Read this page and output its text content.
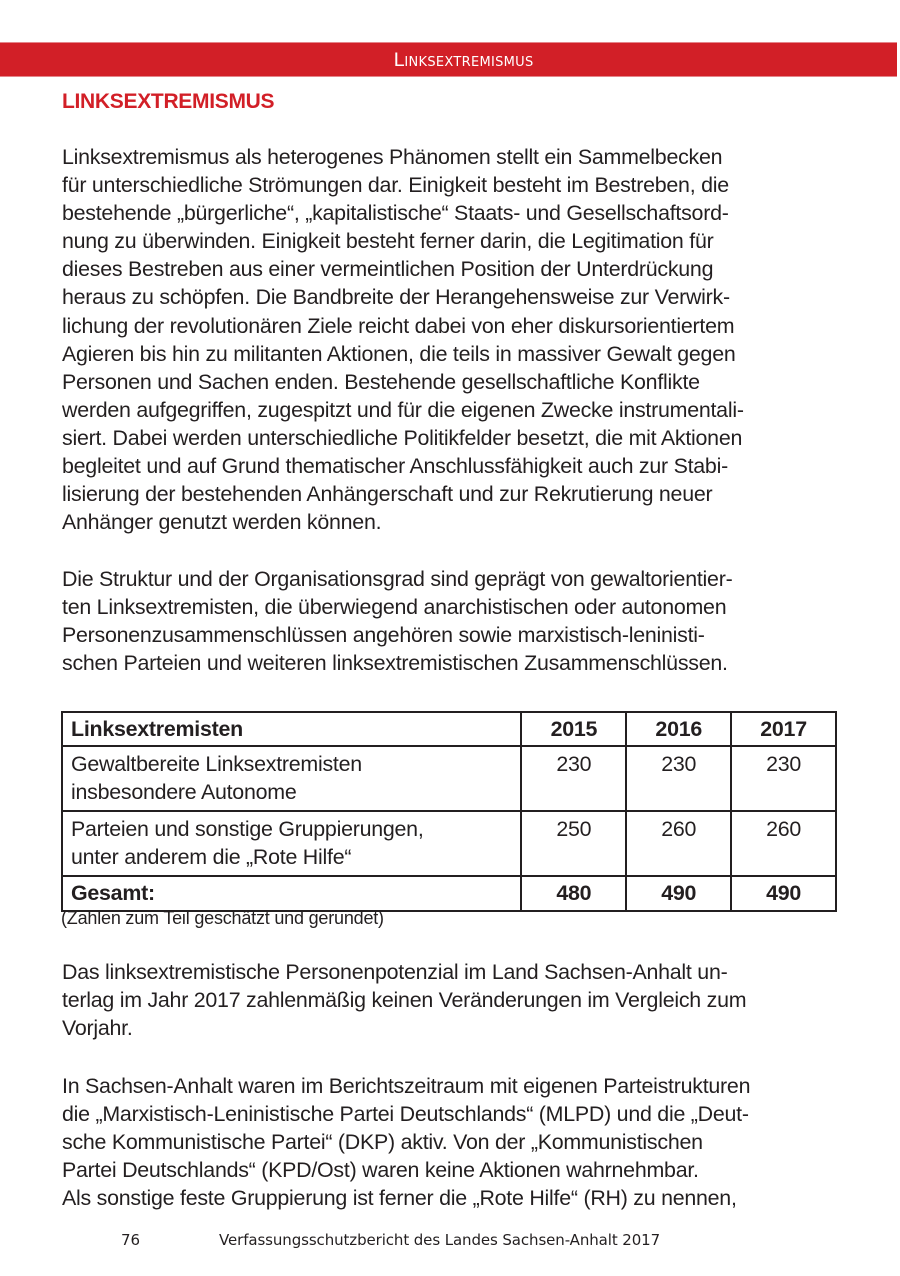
Linksextremismus
LINKSEXTREMISMUS

Linksextremismus als heterogenes Phänomen stellt ein Sammelbecken
für unterschiedliche Strömungen dar. Einigkeit besteht im Bestreben, die
bestehende „bürgerliche“, „kapitalistische“ Staats- und Gesellschaftsord-
nung zu überwinden. Einigkeit besteht ferner darin, die Legitimation für
dieses Bestreben aus einer vermeintlichen Position der Unterdrückung
heraus zu schöpfen. Die Bandbreite der Herangehensweise zur Verwirk-
lichung der revolutionären Ziele reicht dabei von eher diskursorientiertem
Agieren bis hin zu militanten Aktionen, die teils in massiver Gewalt gegen
Personen und Sachen enden. Bestehende gesellschaftliche Konflikte
werden aufgegriffen, zugespitzt und für die eigenen Zwecke instrumentali-
siert. Dabei werden unterschiedliche Politikfelder besetzt, die mit Aktionen
begleitet und auf Grund thematischer Anschlussfähigkeit auch zur Stabi-
lisierung der bestehenden Anhängerschaft und zur Rekrutierung neuer
Anhänger genutzt werden können.

Die Struktur und der Organisationsgrad sind geprägt von gewaltorientier-
ten Linksextremisten, die überwiegend anarchistischen oder autonomen
Personenzusammenschlüssen angehören sowie marxistisch-leninisti-
schen Parteien und weiteren linksextremistischen Zusammenschlüssen.

Linksextremisten	2015	2016	2017

Gewaltbereite Linksextremisten
insbesondere Autonome	230	230	230

Parteien und sonstige Gruppierungen,
unter anderem die „Rote Hilfe“	250	260	260
Gesamt:	480	490	490

(Zahlen zum Teil geschätzt und gerundet)

Das linksextremistische Personenpotenzial im Land Sachsen-Anhalt un-
terlag im Jahr 2017 zahlenmäßig keinen Veränderungen im Vergleich zum
Vorjahr.

In Sachsen-Anhalt waren im Berichtszeitraum mit eigenen Parteistrukturen
die „Marxistisch-Leninistische Partei Deutschlands“ (MLPD) und die „Deut-
sche Kommunistische Partei“ (DKP) aktiv. Von der „Kommunistischen
Partei Deutschlands“ (KPD/Ost) waren keine Aktionen wahrnehmbar.
Als sonstige feste Gruppierung ist ferner die „Rote Hilfe“ (RH) zu nennen,

76	Verfassungsschutzbericht des Landes Sachsen-Anhalt 2017
